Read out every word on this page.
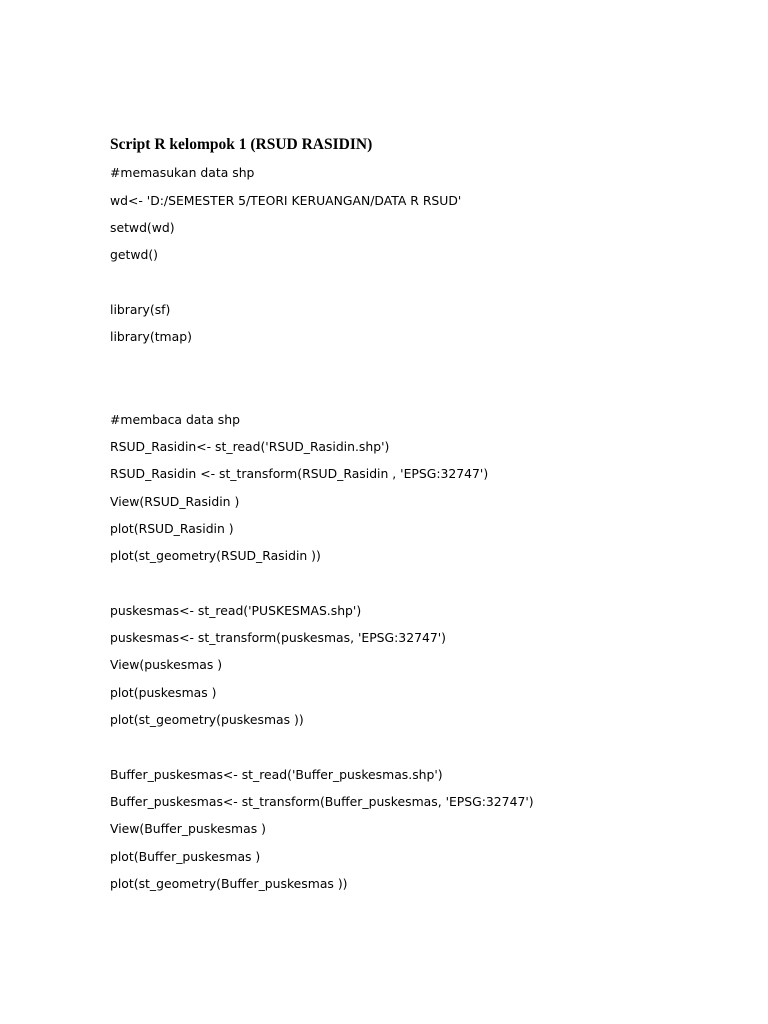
Script R kelompok 1 (RSUD RASIDIN)
#memasukan data shp
wd<- 'D:/SEMESTER 5/TEORI KERUANGAN/DATA R RSUD'
setwd(wd)
getwd()
library(sf)
library(tmap)
#membaca data shp
RSUD_Rasidin<- st_read('RSUD_Rasidin.shp')
RSUD_Rasidin <- st_transform(RSUD_Rasidin , 'EPSG:32747')
View(RSUD_Rasidin )
plot(RSUD_Rasidin )
plot(st_geometry(RSUD_Rasidin ))
puskesmas<- st_read('PUSKESMAS.shp')
puskesmas<- st_transform(puskesmas, 'EPSG:32747')
View(puskesmas )
plot(puskesmas )
plot(st_geometry(puskesmas ))
Buffer_puskesmas<- st_read('Buffer_puskesmas.shp')
Buffer_puskesmas<- st_transform(Buffer_puskesmas, 'EPSG:32747')
View(Buffer_puskesmas )
plot(Buffer_puskesmas )
plot(st_geometry(Buffer_puskesmas ))
